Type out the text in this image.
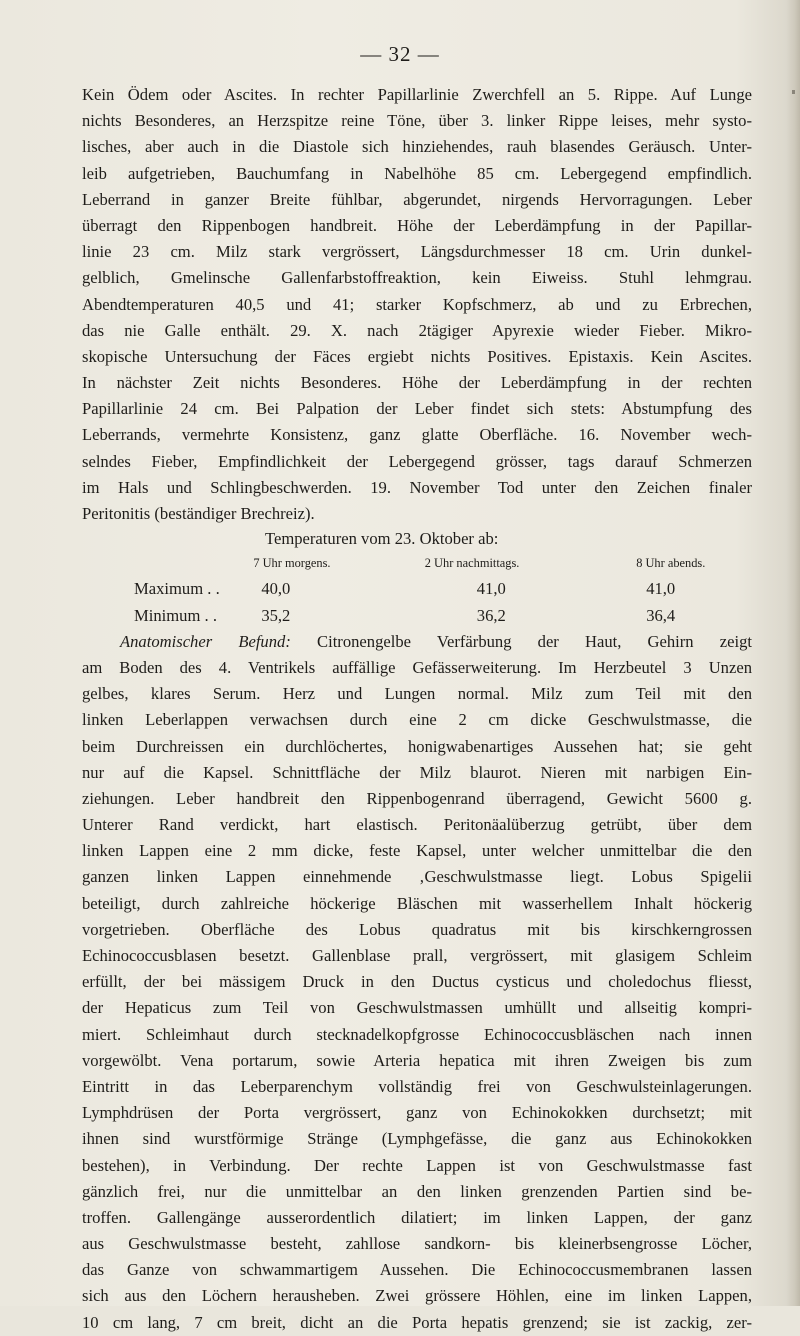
— 32 —
Kein Ödem oder Ascites. In rechter Papillarlinie Zwerchfell an 5. Rippe. Auf Lunge
nichts Besonderes, an Herzspitze reine Töne, über 3. linker Rippe leises, mehr systo-
lisches, aber auch in die Diastole sich hinziehendes, rauh blasendes Geräusch. Unter-
leib aufgetrieben, Bauchumfang in Nabelhöhe 85 cm. Lebergegend empfindlich.
Leberrand in ganzer Breite fühlbar, abgerundet, nirgends Hervorragungen. Leber
überragt den Rippenbogen handbreit. Höhe der Leberdämpfung in der Papillar-
linie 23 cm. Milz stark vergrössert, Längsdurchmesser 18 cm. Urin dunkel-
gelblich, Gmelinsche Gallenfarbstoffreaktion, kein Eiweiss. Stuhl lehmgrau.
Abendtemperaturen 40,5 und 41; starker Kopfschmerz, ab und zu Erbrechen,
das nie Galle enthält. 29. X. nach 2tägiger Apyrexie wieder Fieber. Mikro-
skopische Untersuchung der Fäces ergiebt nichts Positives. Epistaxis. Kein Ascites.
In nächster Zeit nichts Besonderes. Höhe der Leberdämpfung in der rechten
Papillarlinie 24 cm. Bei Palpation der Leber findet sich stets: Abstumpfung des
Leberrands, vermehrte Konsistenz, ganz glatte Oberfläche. 16. November wech-
selndes Fieber, Empfindlichkeit der Lebergegend grösser, tags darauf Schmerzen
im Hals und Schlingbeschwerden. 19. November Tod unter den Zeichen finaler
Peritonitis (beständiger Brechreiz).
Temperaturen vom 23. Oktober ab:
	7 Uhr morgens.	2 Uhr nachmittags.	8 Uhr abends.
Maximum . .	40,0	41,0	41,0
Minimum . .	35,2	36,2	36,4
Anatomischer Befund: Citronengelbe Verfärbung der Haut, Gehirn zeigt
am Boden des 4. Ventrikels auffällige Gefässerweiterung. Im Herzbeutel 3 Unzen
gelbes, klares Serum. Herz und Lungen normal. Milz zum Teil mit den
linken Leberlappen verwachsen durch eine 2 cm dicke Geschwulstmasse, die
beim Durchreissen ein durchlöchertes, honigwabenartiges Aussehen hat; sie geht
nur auf die Kapsel. Schnittfläche der Milz blaurot. Nieren mit narbigen Ein-
ziehungen. Leber handbreit den Rippenbogenrand überragend, Gewicht 5600 g.
Unterer Rand verdickt, hart elastisch. Peritonäalüberzug getrübt, über dem
linken Lappen eine 2 mm dicke, feste Kapsel, unter welcher unmittelbar die den
ganzen linken Lappen einnehmende ‚Geschwulstmasse liegt. Lobus Spigelii
beteiligt, durch zahlreiche höckerige Bläschen mit wasserhellem Inhalt höckerig
vorgetrieben. Oberfläche des Lobus quadratus mit bis kirschkerngrossen
Echinococcusblasen besetzt. Gallenblase prall, vergrössert, mit glasigem Schleim
erfüllt, der bei mässigem Druck in den Ductus cysticus und choledochus fliesst,
der Hepaticus zum Teil von Geschwulstmassen umhüllt und allseitig kompri-
miert. Schleimhaut durch stecknadelkopfgrosse Echinococcusbläschen nach innen
vorgewölbt. Vena portarum, sowie Arteria hepatica mit ihren Zweigen bis zum
Eintritt in das Leberparenchym vollständig frei von Geschwulsteinlagerungen.
Lymphdrüsen der Porta vergrössert, ganz von Echinokokken durchsetzt; mit
ihnen sind wurstförmige Stränge (Lymphgefässe, die ganz aus Echinokokken
bestehen), in Verbindung. Der rechte Lappen ist von Geschwulstmasse fast
gänzlich frei, nur die unmittelbar an den linken grenzenden Partien sind be-
troffen. Gallengänge ausserordentlich dilatiert; im linken Lappen, der ganz
aus Geschwulstmasse besteht, zahllose sandkorn- bis kleinerbsengrosse Löcher,
das Ganze von schwammartigem Aussehen. Die Echinococcusmembranen lassen
sich aus den Löchern herausheben. Zwei grössere Höhlen, eine im linken Lappen,
10 cm lang, 7 cm breit, dicht an die Porta hepatis grenzend; sie ist zackig, zer-
